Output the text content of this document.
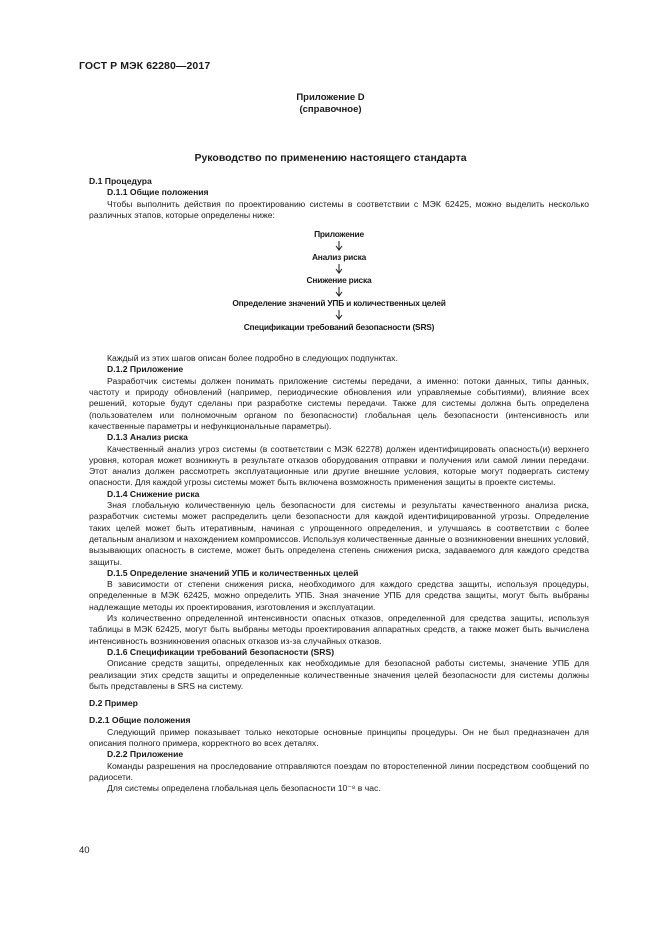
ГОСТ Р МЭК 62280—2017
Приложение D
(справочное)
Руководство по применению настоящего стандарта
D.1 Процедура
D.1.1 Общие положения

Чтобы выполнить действия по проектированию системы в соответствии с МЭК 62425, можно выделить несколько различных этапов, которые определены ниже:

Приложение
Анализ риска
Снижение риска
Определение значений УПБ и количественных целей
Спецификации требований безопасности (SRS)

Каждый из этих шагов описан более подробно в следующих подпунктах.

D.1.2 Приложение

Разработчик системы должен понимать приложение системы передачи, а именно: потоки данных, типы данных, частоту и природу обновлений (например, периодические обновления или управляемые событиями), влияние всех решений, которые будут сделаны при разработке системы передачи. Также для системы должна быть определена (пользователем или полномочным органом по безопасности) глобальная цель безопасности (интенсивность или качественные параметры и нефункциональные параметры).

D.1.3 Анализ риска

Качественный анализ угроз системы (в соответствии с МЭК 62278) должен идентифицировать опасность(и) верхнего уровня, которая может возникнуть в результате отказов оборудования отправки и получения или самой линии передачи. Этот анализ должен рассмотреть эксплуатационные или другие внешние условия, которые могут подвергать систему опасности. Для каждой угрозы системы может быть включена возможность применения защиты в проекте системы.

D.1.4 Снижение риска

Зная глобальную количественную цель безопасности для системы и результаты качественного анализа риска, разработчик системы может распределить цели безопасности для каждой идентифицированной угрозы. Определение таких целей может быть итеративным, начиная с упрощенного определения, и улучшаясь в соответствии с более детальным анализом и нахождением компромиссов. Используя количественные данные о возникновении внешних условий, вызывающих опасность в системе, может быть определена степень снижения риска, задаваемого для каждого средства защиты.

D.1.5 Определение значений УПБ и количественных целей

В зависимости от степени снижения риска, необходимого для каждого средства защиты, используя процедуры, определенные в МЭК 62425, можно определить УПБ. Зная значение УПБ для средства защиты, могут быть выбраны надлежащие методы их проектирования, изготовления и эксплуатации.

Из количественно определенной интенсивности опасных отказов, определенной для средства защиты, используя таблицы в МЭК 62425, могут быть выбраны методы проектирования аппаратных средств, а также может быть вычислена интенсивность возникновения опасных отказов из-за случайных отказов.

D.1.6 Спецификации требований безопасности (SRS)

Описание средств защиты, определенных как необходимые для безопасной работы системы, значение УПБ для реализации этих средств защиты и определенные количественные значения целей безопасности для системы должны быть представлены в SRS на систему.

D.2 Пример
D.2.1 Общие положения

Следующий пример показывает только некоторые основные принципы процедуры. Он не был предназначен для описания полного примера, корректного во всех деталях.

D.2.2 Приложение

Команды разрешения на проследование отправляются поездам по второстепенной линии посредством сообщений по радиосети.

Для системы определена глобальная цель безопасности 10⁻⁸ в час.

40
